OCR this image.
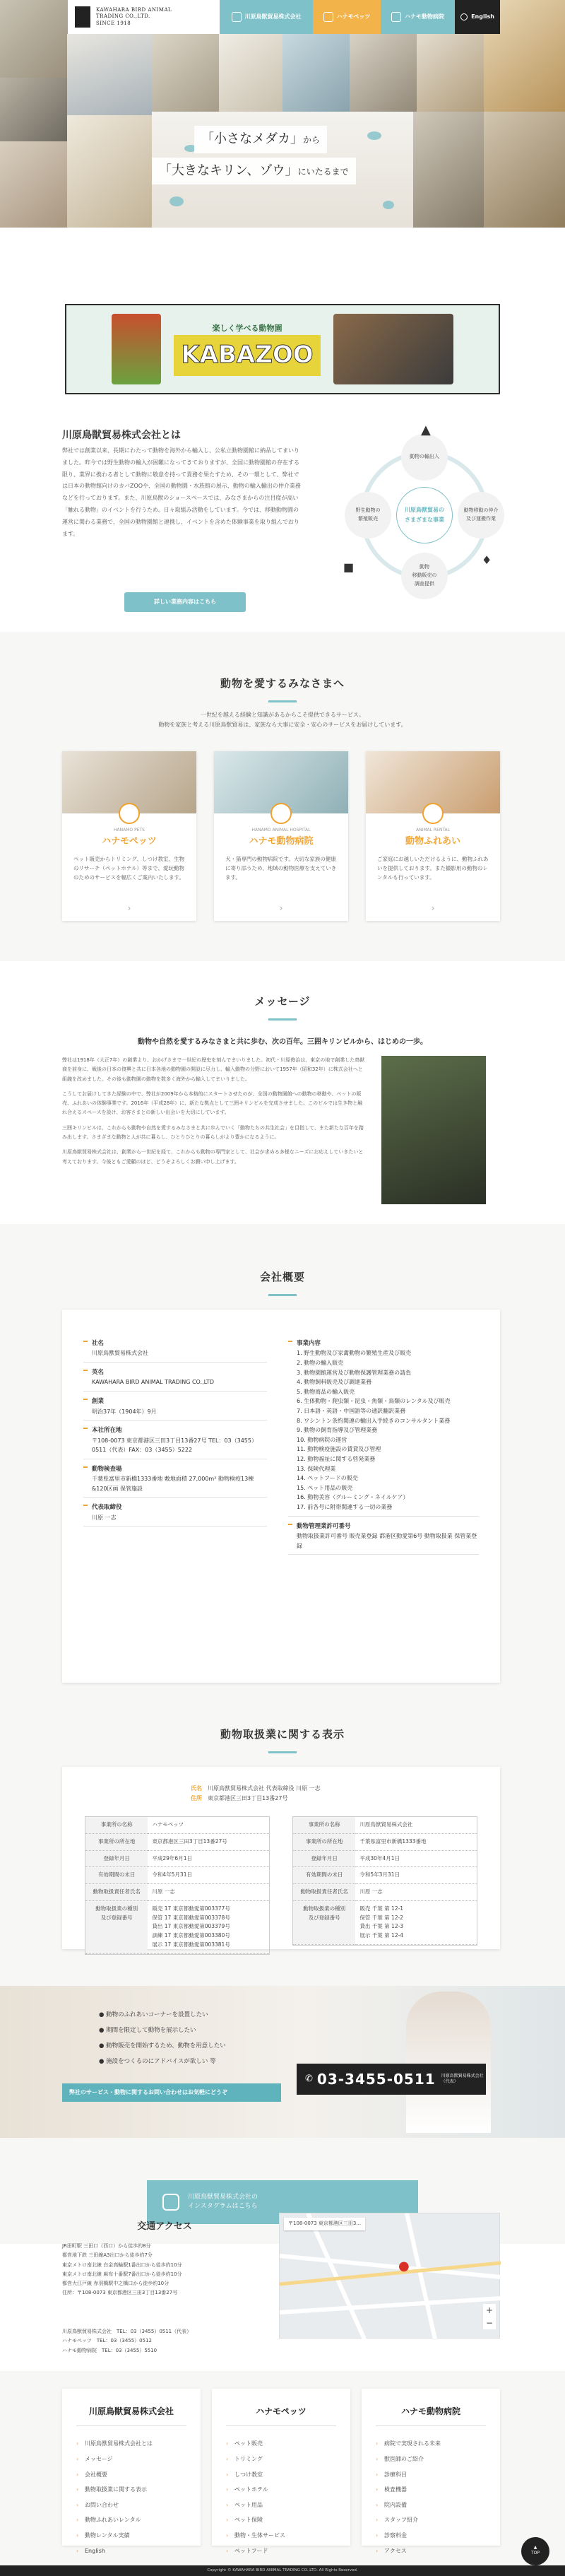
KAWAHARA BIRD ANIMAL
TRADING CO.,LTD.
SINCE 1918
川原鳥獣貿易株式会社	ハナモペッツ	ハナモ動物病院	English
「小さなメダカ」から
「大きなキリン、ゾウ」にいたるまで
楽しく学べる動物園
KABAZOO
川原鳥獣貿易株式会社とは
弊社では創業以来、長期にわたって動物を海外から輸入し、公私立動物園館に納品してまいりました。昨今では野生動物の輸入が困難になってきておりますが、全国に動物園館の存在する限り、業界に携わる者として動物に敬意を持って責務を果たすため、その一環として、弊社では日本の動物館向けのカバZOOや、全国の動物園・水族館の展示、動物の輸入輸出の仲介業務などを行っております。また、川原鳥獣のショースペースでは、みなさまからの注目度が高い「触れる動物」のイベントを行うため、日々取組み活動をしています。今では、移動動物園の運営に関わる業務で、全国の動物園館と連携し、イベントを含めた体験事業を取り組んでおります。
詳しい業務内容はこちら
川原鳥獣貿易の
さまざまな事業
動物の輸出入
動物移動の仲介
及び運搬作業
動物
移動販売の
調査提供
野生動物の
繁殖販売
▲
■
♦
動物を愛するみなさまへ
一世紀を越える経験と知識があるからこそ提供できるサービス。
動物を家族と考える川原鳥獣貿易は、家族なら大事に安全・安心のサービスをお届けしています。
HANAMO PETS
ハナモペッツ
ペット販売からトリミング、しつけ教室、生物のリサーチ（ペットホテル）等まで、愛玩動物のためのサービスを幅広くご案内いたします。
›
HANAMO ANIMAL HOSPITAL
ハナモ動物病院
犬・猫専門の動物病院です。大切な家族の健康に寄り添うため、地域の動物医療を支えていきます。
›
ANIMAL RENTAL
動物ふれあい
ご家庭にお越しいただけるように、動物ふれあいを提供しております。また撮影用の動物のレンタルも行っています。
›
メッセージ
動物や自然を愛するみなさまと共に歩む、次の百年。三囲キリンビルから、はじめの一歩。

弊社は1918年（大正7年）の創業より、おかげさまで一世紀の歴史を刻んでまいりました。初代・川原俊治は、東京の地で創業した鳥獣商を前身に、戦後の日本の復興と共に日本各地の動物園の開設に尽力し、輸入動物の分野において1957年（昭和32年）に株式会社へと組織を改めました。その後も動物園の動物を数多く海外から輸入してまいりました。

こうしてお届けしてきた経験の中で、弊社が2009年から本格的にスタートさせたのが、全国の動物園館への動物の移動や、ペットの販売、ふれあいの体験事業です。2016年（平成28年）に、新たな拠点として三囲キリンビルを完成させました。このビルでは生き物と触れ合えるスペースを設け、お客さまとの新しい出会いを大切にしています。

三囲キリンビルは、これからも動物や自然を愛するみなさまと共に歩んでいく「動物たちの共生社会」を目指して、また新たな百年を踏み出します。さまざまな動物と人が共に暮らし、ひとりひとりの暮らしがより豊かになるように。

川原鳥獣貿易株式会社は、創業から一世紀を経て、これからも動物の専門家として、社会が求める多様なニーズにお応えしていきたいと考えております。今後ともご愛顧のほど、どうぞよろしくお願い申し上げます。

会社概要
社名
川原鳥獣貿易株式会社
英名
KAWAHARA BIRD ANIMAL TRADING CO.,LTD
創業
明治37年（1904年）9月
本社所在地
〒108-0073 東京都港区三田3丁目13番27号 TEL：03（3455）0511（代表）FAX：03（3455）5222
動物検査場
千葉県富里市新橋1333番地 敷地面積 27,000m² 動物検疫13棟&120区画 保管施設
代表取締役
川原 一志
事業内容
1. 野生動物及び家禽動物の繁殖生産及び販売
2. 動物の輸入販売
3. 動物園館運営及び動物保護管理業務の請負
4. 動物飼料販売及び調達業務
5. 動物商品の輸入販売
6. 生体動物・爬虫類・昆虫・魚類・鳥類のレンタル及び販売
7. 日本語・英語・中国語等の通訳翻訳業務
8. ワシントン条約関連の輸出入手続きのコンサルタント業務
9. 動物の飼育指導及び管理業務
10. 動物病院の運営
11. 動物検疫施設の賃貸及び管理
12. 動物福祉に関する啓発業務
13. 保険代理業
14. ペットフードの販売
15. ペット用品の販売
16. 動物美容（グルーミング・ネイルケア）
17. 前各号に附帯関連する一切の業務
動物管理業許可番号
動物取扱業許可番号 販売業登録 都港区動愛第6号 動物取扱業 保管業登録
動物取扱業に関する表示
氏名　 川原鳥獣貿易株式会社 代表取締役 川原 一志
住所　 東京都港区三田3丁目13番27号
事業所の名称	ハナモペッツ
事業所の所在地	東京都港区三田3丁目13番27号
登録年月日	平成29年6月1日
有効期間の末日	令和4年5月31日
動物取扱責任者氏名	川原 一志
動物取扱業の種別
及び登録番号	販売 17 東京都動愛第003377号
保管 17 東京都動愛第003378号
貸出 17 東京都動愛第003379号
訓練 17 東京都動愛第003380号
展示 17 東京都動愛第003381号
事業所の名称	川原鳥獣貿易株式会社
事業所の所在地	千葉県富里市新橋1333番地
登録年月日	平成30年4月1日
有効期間の末日	令和5年3月31日
動物取扱責任者氏名	川原 一志
動物取扱業の種別
及び登録番号	販売 千葉 第 12-1
保管 千葉 第 12-2
貸出 千葉 第 12-3
展示 千葉 第 12-4
● 動物のふれあいコーナーを設置したい
● 期間を限定して動物を展示したい
● 動物販売を開始するため、動物を用意したい
● 施設をつくるのにアドバイスが欲しい 等
弊社のサービス・動物に関するお問い合わせはお気軽にどうぞ
✆ 03-3455-0511 川原鳥獣貿易株式会社
（代表）
川原鳥獣貿易株式会社の
インスタグラムはこちら
交通アクセス
JR田町駅 三田口（西口）から徒歩約8分
都営地下鉄 三田線A3出口から徒歩約7分
東京メトロ南北線 白金高輪駅1番出口から徒歩約10分
東京メトロ南北線 麻布十番駅7番出口から徒歩約10分
都営大江戸線 赤羽橋駅中之橋口から徒歩約10分
住所：〒108-0073 東京都港区三田3丁目13番27号
川原鳥獣貿易株式会社　TEL：03（3455）0511（代表）
ハナモペッツ　TEL：03（3455）0512
ハナモ動物病院　TEL：03（3455）5510
〒108-0073 東京都港区三田3...
●
+
−
川原鳥獣貿易株式会社
› 川原鳥獣貿易株式会社とは
› メッセージ
› 会社概要
› 動物取扱業に関する表示
› お問い合わせ
› 動物ふれあいレンタル
› 動物レンタル実績
› English
ハナモペッツ
› ペット販売
› トリミング
› しつけ教室
› ペットホテル
› ペット用品
› ペット保険
› 動物・生体サービス
› ペットフード
ハナモ動物病院
› 病院で実現される未来
› 獣医師のご紹介
› 診療科目
› 検査機器
› 院内設備
› スタッフ紹介
› 診察料金
› アクセス
▲
TOP
Copyright © KAWAHARA BIRD ANIMAL TRADING CO.,LTD. All Rights Reserved.
